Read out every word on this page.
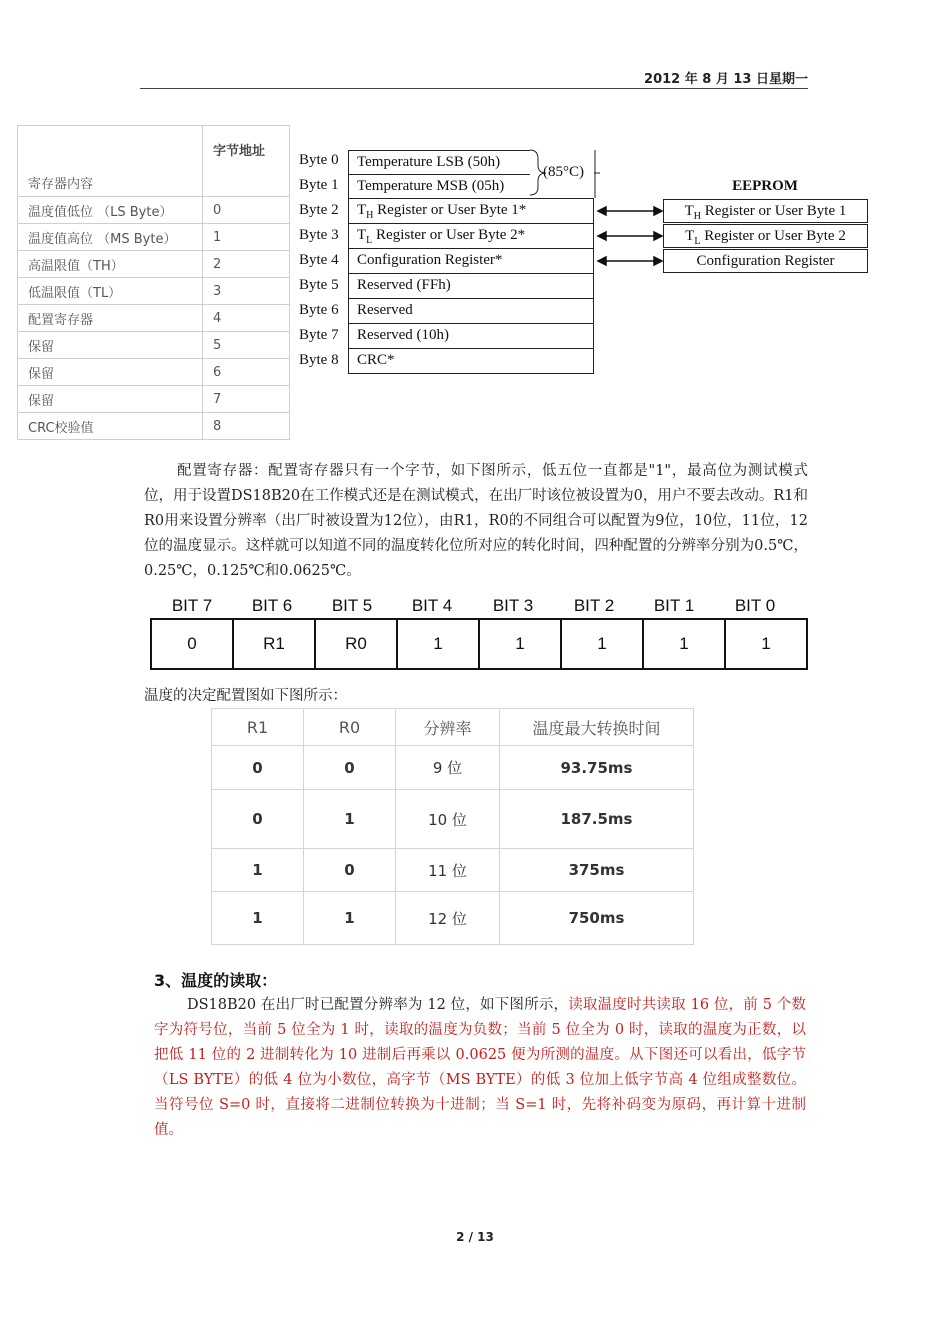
2012 年 8 月 13 日星期一
寄存器内容	字节地址
温度值低位 （LS Byte）	0
温度值高位 （MS Byte）	1
高温限值（TH）	2
低温限值（TL）	3
配置寄存器	4
保留	5
保留	6
保留	7
CRC校验值	8
Byte 0
Byte 1
Byte 2
Byte 3
Byte 4
Byte 5
Byte 6
Byte 7
Byte 8
Temperature LSB (50h)
Temperature MSB (05h)
$T_H$ Register or User Byte 1*
$T_L$ Register or User Byte 2*
Configuration Register*
Reserved (FFh)
Reserved
Reserved (10h)
CRC*
(85°C)
EEPROM
$T_H$ Register or User Byte 1
$T_L$ Register or User Byte 2
Configuration Register
配置寄存器：配置寄存器只有一个字节，如下图所示，低五位一直都是"1"，最高位为测试模式位，用于设置DS18B20在工作模式还是在测试模式，在出厂时该位被设置为0，用户不要去改动。R1和R0用来设置分辨率（出厂时被设置为12位），由R1，R0的不同组合可以配置为9位，10位，11位，12位的温度显示。这样就可以知道不同的温度转化位所对应的转化时间，四种配置的分辨率分别为0.5℃，0.25℃，0.125℃和0.0625℃。
BIT 7	BIT 6	BIT 5	BIT 4	BIT 3	BIT 2	BIT 1	BIT 0
0	R1	R0	1	1	1	1	1
温度的决定配置图如下图所示：
R1	R0	分辨率	温度最大转换时间
0	0	9 位	93.75ms
0	1	10 位	187.5ms
1	0	11 位	375ms
1	1	12 位	750ms
3、温度的读取：
DS18B20 在出厂时已配置分辨率为 12 位，如下图所示，读取温度时共读取 16 位，前 5 个数字为符号位，当前 5 位全为 1 时，读取的温度为负数；当前 5 位全为 0 时，读取的温度为正数，以把低 11 位的 2 进制转化为 10 进制后再乘以 0.0625 便为所测的温度。从下图还可以看出，低字节（LS BYTE）的低 4 位为小数位，高字节（MS BYTE）的低 3 位加上低字节高 4 位组成整数位。当符号位 S=0 时，直接将二进制位转换为十进制；当 S=1 时，先将补码变为原码，再计算十进制值。
2 / 13
